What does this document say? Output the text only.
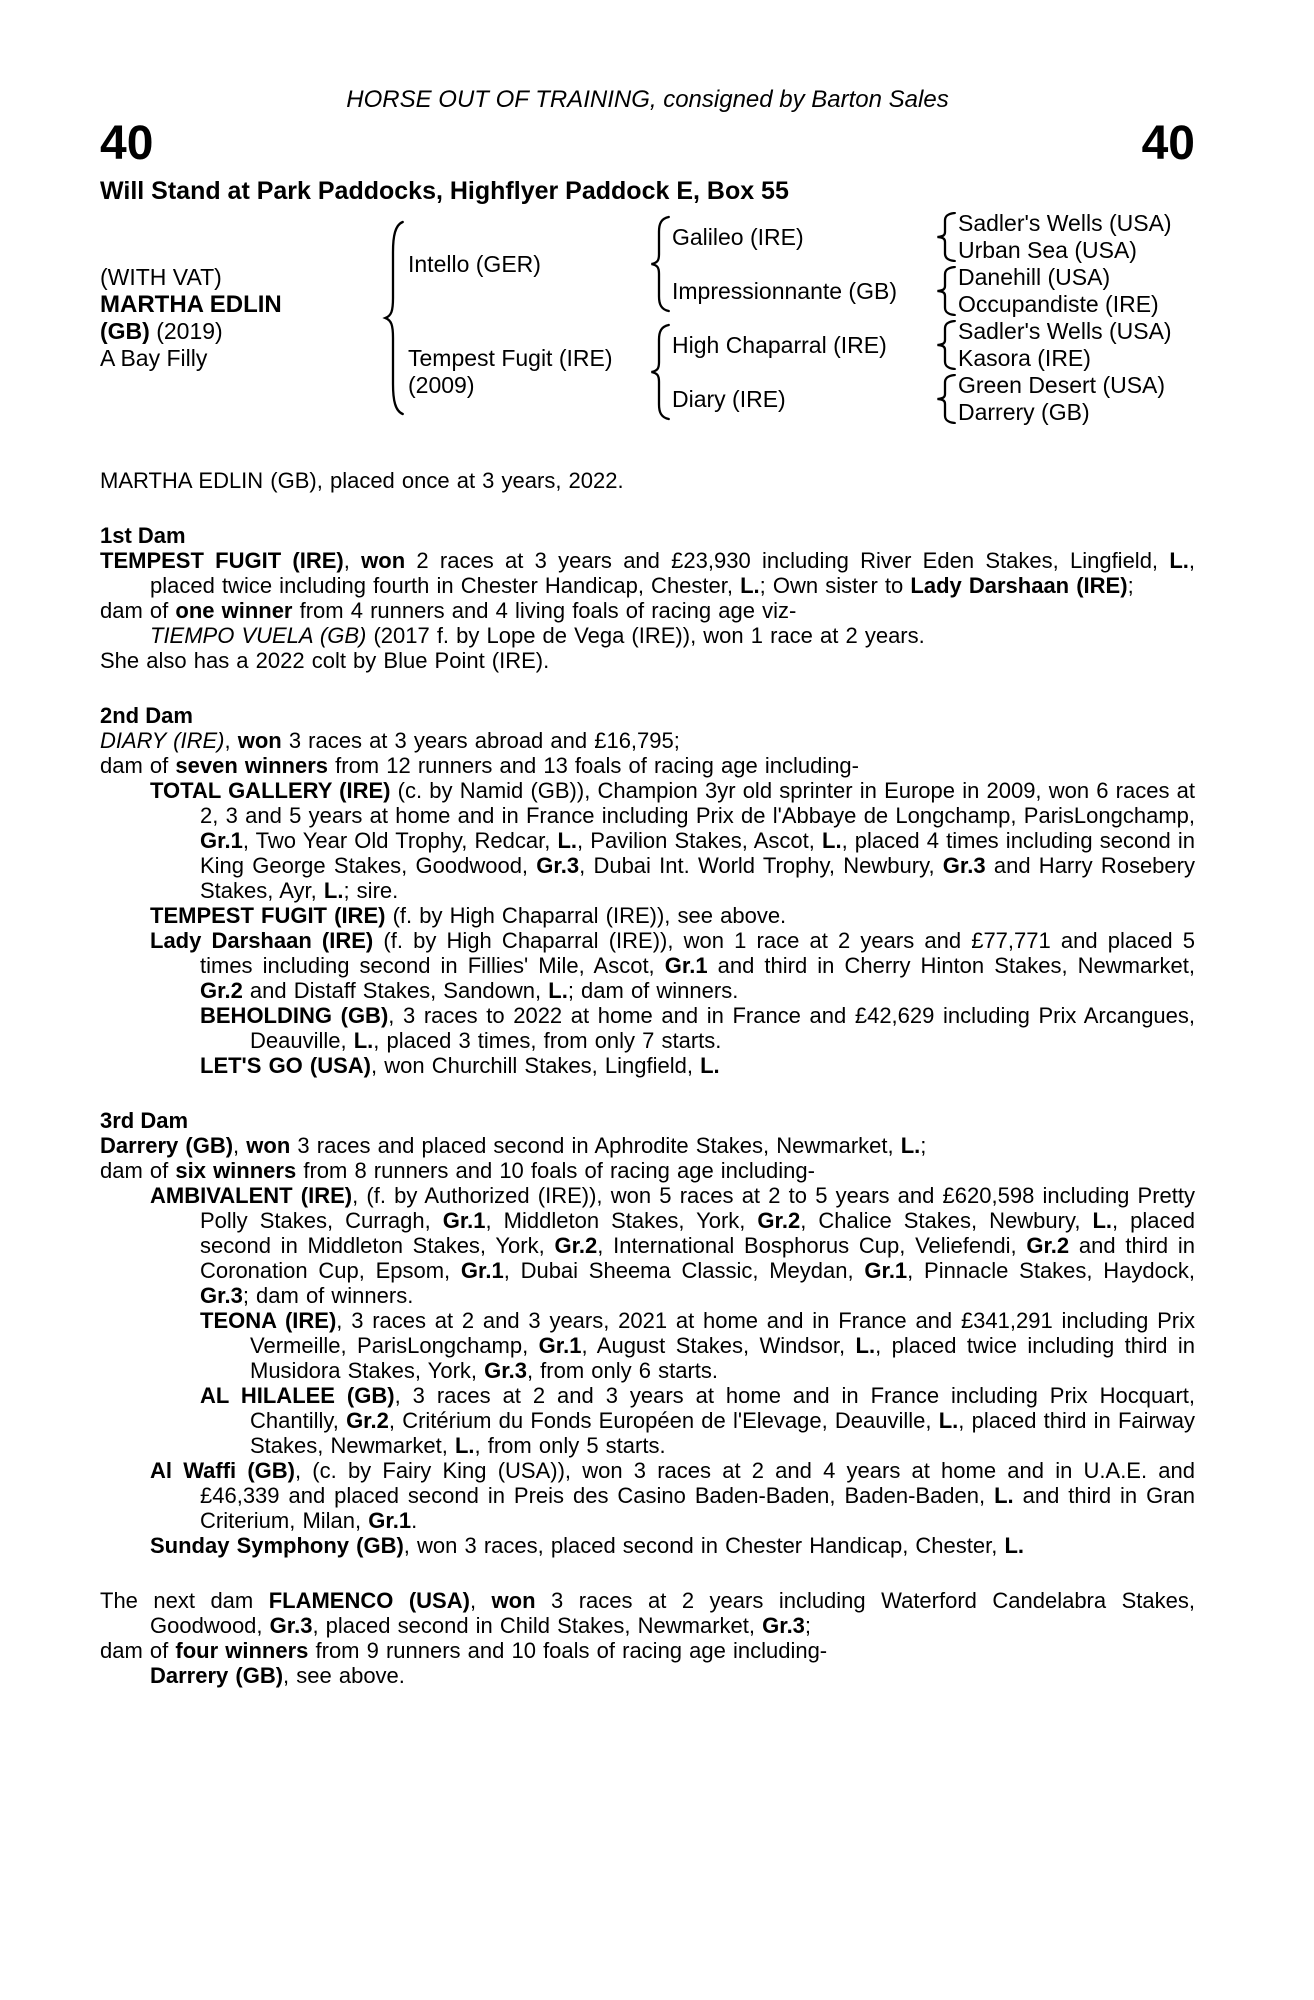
HORSE OUT OF TRAINING, consigned by Barton Sales
40	40
Will Stand at Park Paddocks, Highflyer Paddock E, Box 55
(WITH VAT)
MARTHA EDLIN
(GB) (2019)
A Bay Filly
Intello (GER)
Tempest Fugit (IRE)
(2009)
Galileo (IRE)
Impressionnante (GB)
High Chaparral (IRE)
Diary (IRE)
Sadler's Wells (USA)
Urban Sea (USA)
Danehill (USA)
Occupandiste (IRE)
Sadler's Wells (USA)
Kasora (IRE)
Green Desert (USA)
Darrery (GB)

MARTHA EDLIN (GB), placed once at 3 years, 2022.

1st Dam

TEMPEST FUGIT (IRE), won 2 races at 3 years and £23,930 including River Eden Stakes, Lingfield, L., placed twice including fourth in Chester Handicap, Chester, L.; Own sister to Lady Darshaan (IRE);

dam of one winner from 4 runners and 4 living foals of racing age viz-

TIEMPO VUELA (GB) (2017 f. by Lope de Vega (IRE)), won 1 race at 2 years.

She also has a 2022 colt by Blue Point (IRE).

2nd Dam

DIARY (IRE), won 3 races at 3 years abroad and £16,795;

dam of seven winners from 12 runners and 13 foals of racing age including-

TOTAL GALLERY (IRE) (c. by Namid (GB)), Champion 3yr old sprinter in Europe in 2009, won 6 races at 2, 3 and 5 years at home and in France including Prix de l'Abbaye de Longchamp, ParisLongchamp, Gr.1, Two Year Old Trophy, Redcar, L., Pavilion Stakes, Ascot, L., placed 4 times including second in King George Stakes, Goodwood, Gr.3, Dubai Int. World Trophy, Newbury, Gr.3 and Harry Rosebery Stakes, Ayr, L.; sire.

TEMPEST FUGIT (IRE) (f. by High Chaparral (IRE)), see above.

Lady Darshaan (IRE) (f. by High Chaparral (IRE)), won 1 race at 2 years and £77,771 and placed 5 times including second in Fillies' Mile, Ascot, Gr.1 and third in Cherry Hinton Stakes, Newmarket, Gr.2 and Distaff Stakes, Sandown, L.; dam of winners.

BEHOLDING (GB), 3 races to 2022 at home and in France and £42,629 including Prix Arcangues, Deauville, L., placed 3 times, from only 7 starts.

LET'S GO (USA), won Churchill Stakes, Lingfield, L.

3rd Dam

Darrery (GB), won 3 races and placed second in Aphrodite Stakes, Newmarket, L.;

dam of six winners from 8 runners and 10 foals of racing age including-

AMBIVALENT (IRE), (f. by Authorized (IRE)), won 5 races at 2 to 5 years and £620,598 including Pretty Polly Stakes, Curragh, Gr.1, Middleton Stakes, York, Gr.2, Chalice Stakes, Newbury, L., placed second in Middleton Stakes, York, Gr.2, International Bosphorus Cup, Veliefendi, Gr.2 and third in Coronation Cup, Epsom, Gr.1, Dubai Sheema Classic, Meydan, Gr.1, Pinnacle Stakes, Haydock, Gr.3; dam of winners.

TEONA (IRE), 3 races at 2 and 3 years, 2021 at home and in France and £341,291 including Prix Vermeille, ParisLongchamp, Gr.1, August Stakes, Windsor, L., placed twice including third in Musidora Stakes, York, Gr.3, from only 6 starts.

AL HILALEE (GB), 3 races at 2 and 3 years at home and in France including Prix Hocquart, Chantilly, Gr.2, Critérium du Fonds Européen de l'Elevage, Deauville, L., placed third in Fairway Stakes, Newmarket, L., from only 5 starts.

Al Waffi (GB), (c. by Fairy King (USA)), won 3 races at 2 and 4 years at home and in U.A.E. and £46,339 and placed second in Preis des Casino Baden-Baden, Baden-Baden, L. and third in Gran Criterium, Milan, Gr.1.

Sunday Symphony (GB), won 3 races, placed second in Chester Handicap, Chester, L.

The next dam FLAMENCO (USA), won 3 races at 2 years including Waterford Candelabra Stakes, Goodwood, Gr.3, placed second in Child Stakes, Newmarket, Gr.3;

dam of four winners from 9 runners and 10 foals of racing age including-

Darrery (GB), see above.
